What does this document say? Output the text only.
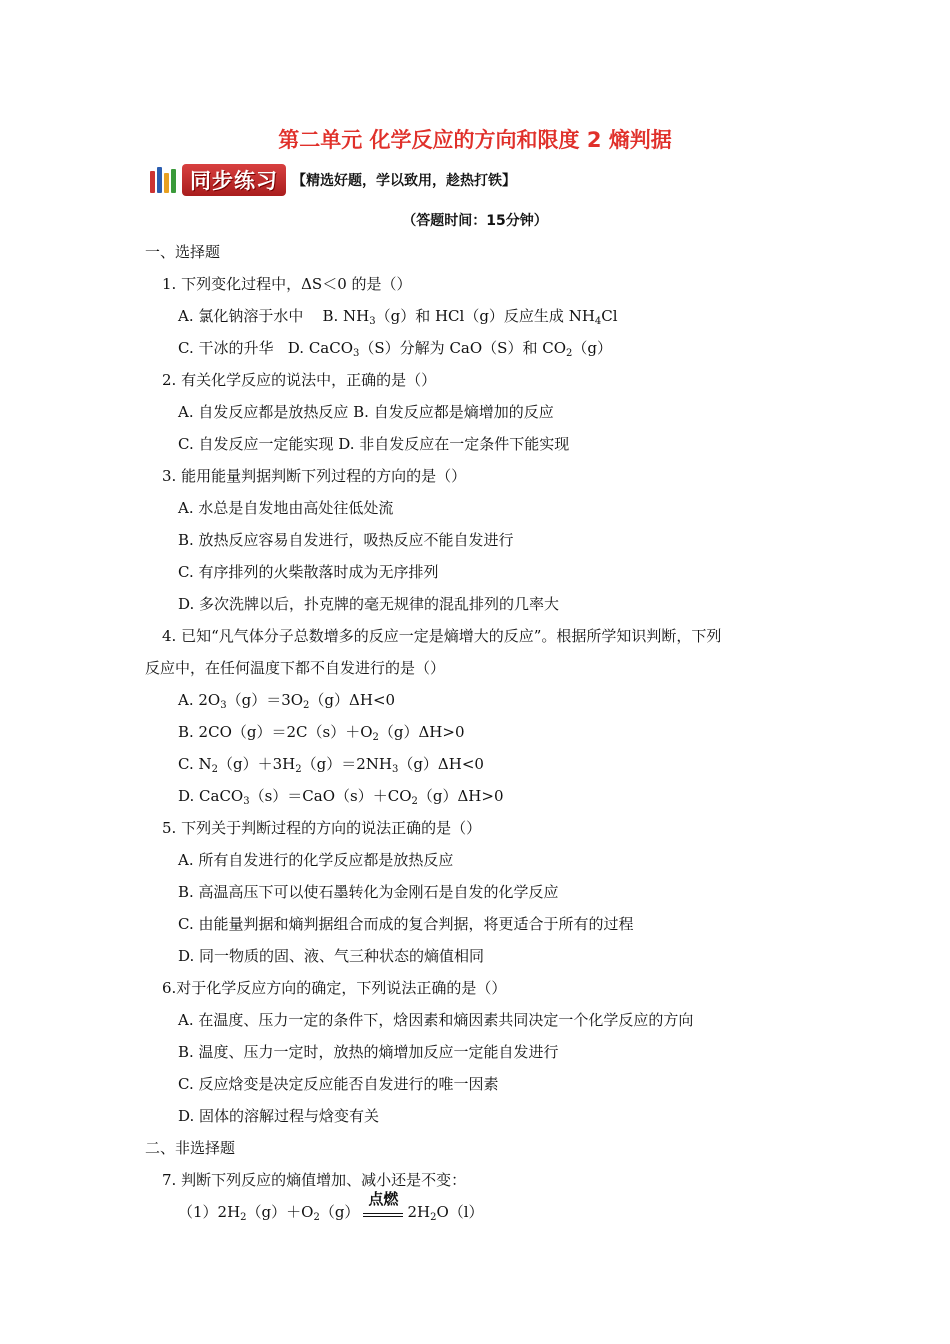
第二单元 化学反应的方向和限度 2 熵判据
同步练习	【精选好题，学以致用，趁热打铁】
（答题时间：15分钟）
一、选择题
1. 下列变化过程中，ΔS＜0 的是（）
A. 氯化钠溶于水中 B. $NH_3(g)$和 HCl（g）反应生成 $NH_4Cl$
C. 干冰的升华 D. CaCO$_3$（S）分解为 CaO（S）和 $CO_2(g)$
2. 有关化学反应的说法中，正确的是（）
A. 自发反应都是放热反应 B. 自发反应都是熵增加的反应
C. 自发反应一定能实现 D. 非自发反应在一定条件下能实现
3. 能用能量判据判断下列过程的方向的是（）
A. 水总是自发地由高处往低处流
B. 放热反应容易自发进行，吸热反应不能自发进行
C. 有序排列的火柴散落时成为无序排列
D. 多次洗牌以后，扑克牌的毫无规律的混乱排列的几率大
4. 已知“凡气体分子总数增多的反应一定是熵增大的反应”。根据所学知识判断，下列
反应中，在任何温度下都不自发进行的是（）
A. $2O_3(g)=3O_2(g)\Delta H<0$
B. $2CO(g)=2C(s)+O_2(g)\Delta H>0$
C. $N_2(g)+3H_2(g)=2NH_3(g)\Delta H<0$
D. $CaCO_3(s)=CaO(s)+CO_2(g)\Delta H>0$
5. 下列关于判断过程的方向的说法正确的是（）
A. 所有自发进行的化学反应都是放热反应
B. 高温高压下可以使石墨转化为金刚石是自发的化学反应
C. 由能量判据和熵判据组合而成的复合判据，将更适合于所有的过程
D. 同一物质的固、液、气三种状态的熵值相同
6.对于化学反应方向的确定，下列说法正确的是（）
A. 在温度、压力一定的条件下，焓因素和熵因素共同决定一个化学反应的方向
B. 温度、压力一定时，放热的熵增加反应一定能自发进行
C. 反应焓变是决定反应能否自发进行的唯一因素
D. 固体的溶解过程与焓变有关
二、非选择题
7. 判断下列反应的熵值增加、减小还是不变：
$(1)2H_2(g)+O_2(g)$
点燃
$2H_2O(l)$
